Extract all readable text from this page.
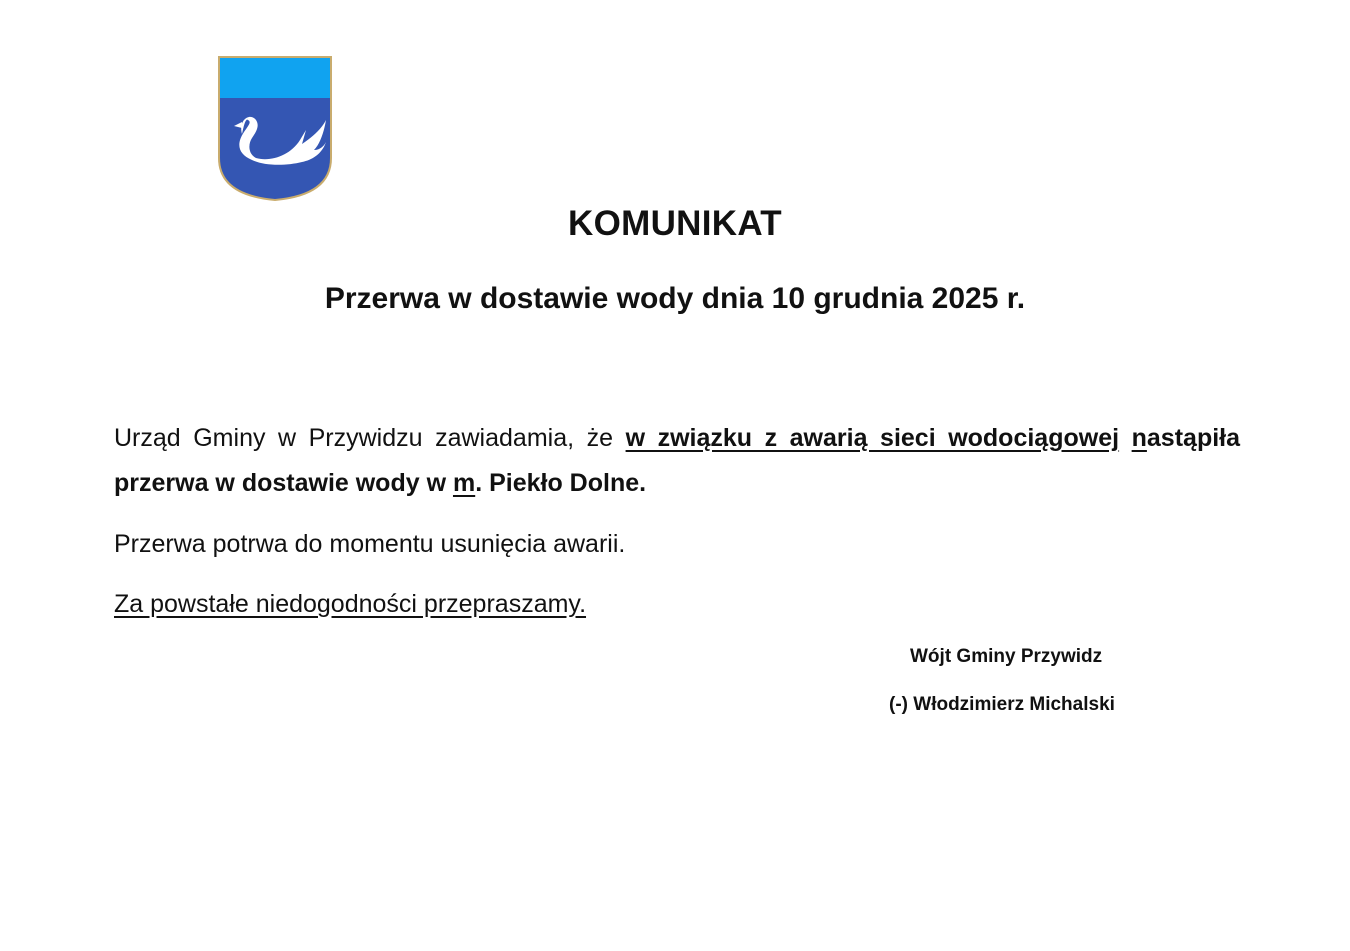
KOMUNIKAT
Przerwa w dostawie wody dnia 10 grudnia 2025 r.
Urząd Gminy w Przywidzu zawiadamia, że w związku z awarią sieci wodociągowej nastąpiła przerwa w dostawie wody w m. Piekło Dolne.
Przerwa potrwa do momentu usunięcia awarii.
Za powstałe niedogodności przepraszamy.
Wójt Gminy Przywidz
(-) Włodzimierz Michalski
